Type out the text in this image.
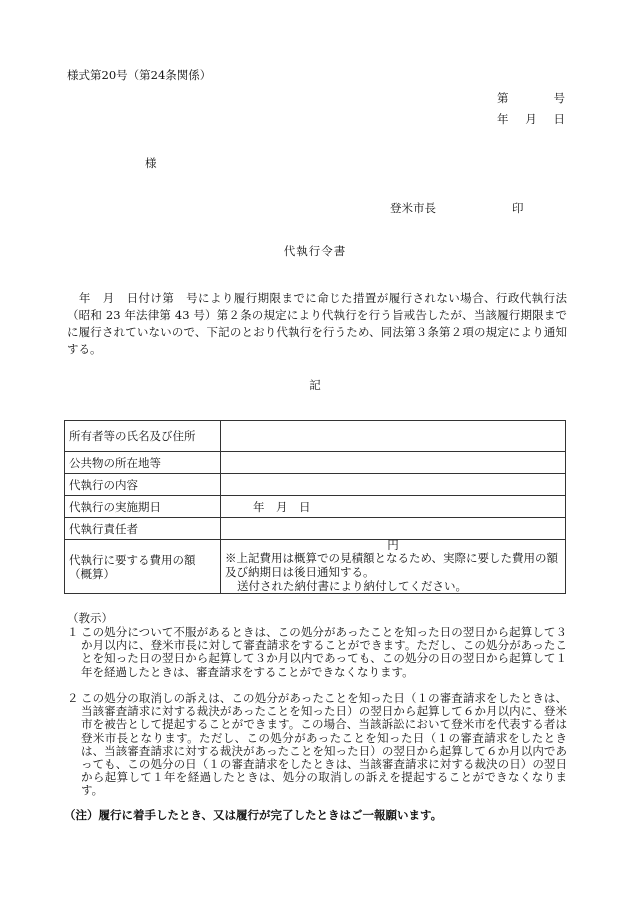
様式第20号（第24条関係）
第	号
年 月 日
様
登米市長	印
代執行令書
　年　月　日付け第　号により履行期限までに命じた措置が履行されない場合、行政代執行法（昭和 23 年法律第 43 号）第２条の規定により代執行を行う旨戒告したが、当該履行期限までに履行されていないので、下記のとおり代執行を行うため、同法第３条第２項の規定により通知する。
記
所有者等の氏名及び住所	
公共物の所在地等	
代執行の内容	
代執行の実施期日	年　月　日
代執行責任者	
代執行に要する費用の額（概算）	円
※上記費用は概算での見積額となるため、実際に要した費用の額及び納期日は後日通知する。
送付された納付書により納付してください。
（教示）
１ この処分について不服があるときは、この処分があったことを知った日の翌日から起算して３か月以内に、登米市長に対して審査請求をすることができます。ただし、この処分があったことを知った日の翌日から起算して３か月以内であっても、この処分の日の翌日から起算して１年を経過したときは、審査請求をすることができなくなります。
２ この処分の取消しの訴えは、この処分があったことを知った日（１の審査請求をしたときは、当該審査請求に対する裁決があったことを知った日）の翌日から起算して６か月以内に、登米市を被告として提起することができます。この場合、当該訴訟において登米市を代表する者は登米市長となります。ただし、この処分があったことを知った日（１の審査請求をしたときは、当該審査請求に対する裁決があったことを知った日）の翌日から起算して６か月以内であっても、この処分の日（１の審査請求をしたときは、当該審査請求に対する裁決の日）の翌日から起算して１年を経過したときは、処分の取消しの訴えを提起することができなくなります。
（注）履行に着手したとき、又は履行が完了したときはご一報願います。
